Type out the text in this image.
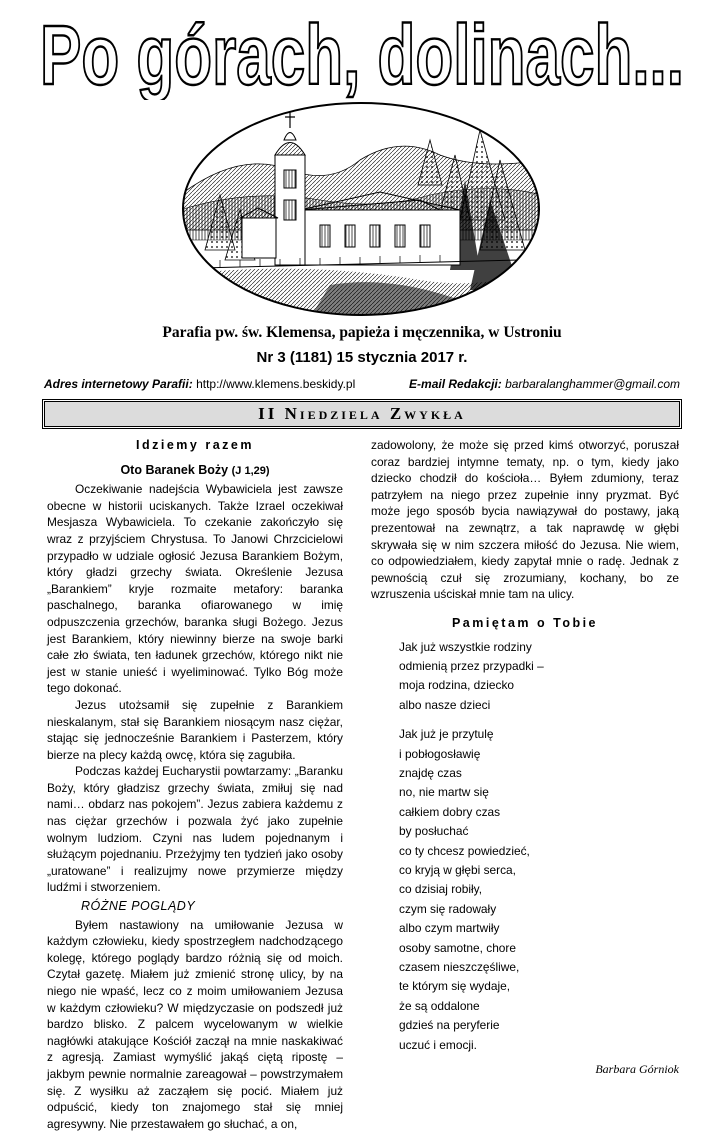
Po górach, dolinach...
Parafia pw. św. Klemensa, papieża i męczennika, w Ustroniu
Nr 3 (1181) 15 stycznia 2017 r.
Adres internetowy Parafii: http://www.klemens.beskidy.pl	E-mail Redakcji: barbaralanghammer@gmail.com
II Niedziela Zwykła

Idziemy razem

Oto Baranek Boży (J 1,29)

Oczekiwanie nadejścia Wybawiciela jest zawsze obecne w historii uciskanych. Także Izrael oczekiwał Mesjasza Wybawiciela. To czekanie zakończyło się wraz z przyjściem Chrystusa. To Janowi Chrzcicielowi przypadło w udziale ogłosić Jezusa Barankiem Bożym, który gładzi grzechy świata. Określenie Jezusa „Barankiem” kryje rozmaite metafory: baranka paschalnego, baranka ofiarowanego w imię odpuszczenia grzechów, baranka sługi Bożego. Jezus jest Barankiem, który niewinny bierze na swoje barki całe zło świata, ten ładunek grzechów, którego nikt nie jest w stanie unieść i wyeliminować. Tylko Bóg może tego dokonać.

Jezus utożsamił się zupełnie z Barankiem nieskalanym, stał się Barankiem niosącym nasz ciężar, stając się jednocześnie Barankiem i Pasterzem, który bierze na plecy każdą owcę, która się zagubiła.

Podczas każdej Eucharystii powtarzamy: „Baranku Boży, który gładzisz grzechy świata, zmiłuj się nad nami… obdarz nas pokojem”. Jezus zabiera każdemu z nas ciężar grzechów i pozwala żyć jako zupełnie wolnym ludziom. Czyni nas ludem pojednanym i służącym pojednaniu. Przeżyjmy ten tydzień jako osoby „uratowane” i realizujmy nowe przymierze między ludźmi i stworzeniem.

RÓŻNE POGLĄDY

Byłem nastawiony na umiłowanie Jezusa w każdym człowieku, kiedy spostrzegłem nadchodzącego kolegę, którego poglądy bardzo różnią się od moich. Czytał gazetę. Miałem już zmienić stronę ulicy, by na niego nie wpaść, lecz co z moim umiłowaniem Jezusa w każdym człowieku? W międzyczasie on podszedł już bardzo blisko. Z palcem wycelowanym w wielkie nagłówki atakujące Kościół zaczął na mnie naskakiwać z agresją. Zamiast wymyślić jakąś ciętą ripostę – jakbym pewnie normalnie zareagował – powstrzymałem się. Z wysiłku aż zacząłem się pocić. Miałem już odpuścić, kiedy ton znajomego stał się mniej agresywny. Nie przestawałem go słuchać, a on,

zadowolony, że może się przed kimś otworzyć, poruszał coraz bardziej intymne tematy, np. o tym, kiedy jako dziecko chodził do kościoła… Byłem zdumiony, teraz patrzyłem na niego przez zupełnie inny pryzmat. Być może jego sposób bycia nawiązywał do postawy, jaką prezentował na zewnątrz, a tak naprawdę w głębi skrywała się w nim szczera miłość do Jezusa. Nie wiem, co odpowiedziałem, kiedy zapytał mnie o radę. Jednak z pewnością czuł się zrozumiany, kochany, bo ze wzruszenia uściskał mnie tam na ulicy.

Pamiętam o Tobie

Jak już wszystkie rodziny
odmienią przez przypadki –
moja rodzina, dziecko
albo nasze dzieci
Jak już je przytulę
i pobłogosławię
znajdę czas
no, nie martw się
całkiem dobry czas
by posłuchać
co ty chcesz powiedzieć,
co kryją w głębi serca,
co dzisiaj robiły,
czym się radowały
albo czym martwiły
osoby samotne, chore
czasem nieszczęśliwe,
te którym się wydaje,
że są oddalone
gdzieś na peryferie
uczuć i emocji.

Barbara Górniok
